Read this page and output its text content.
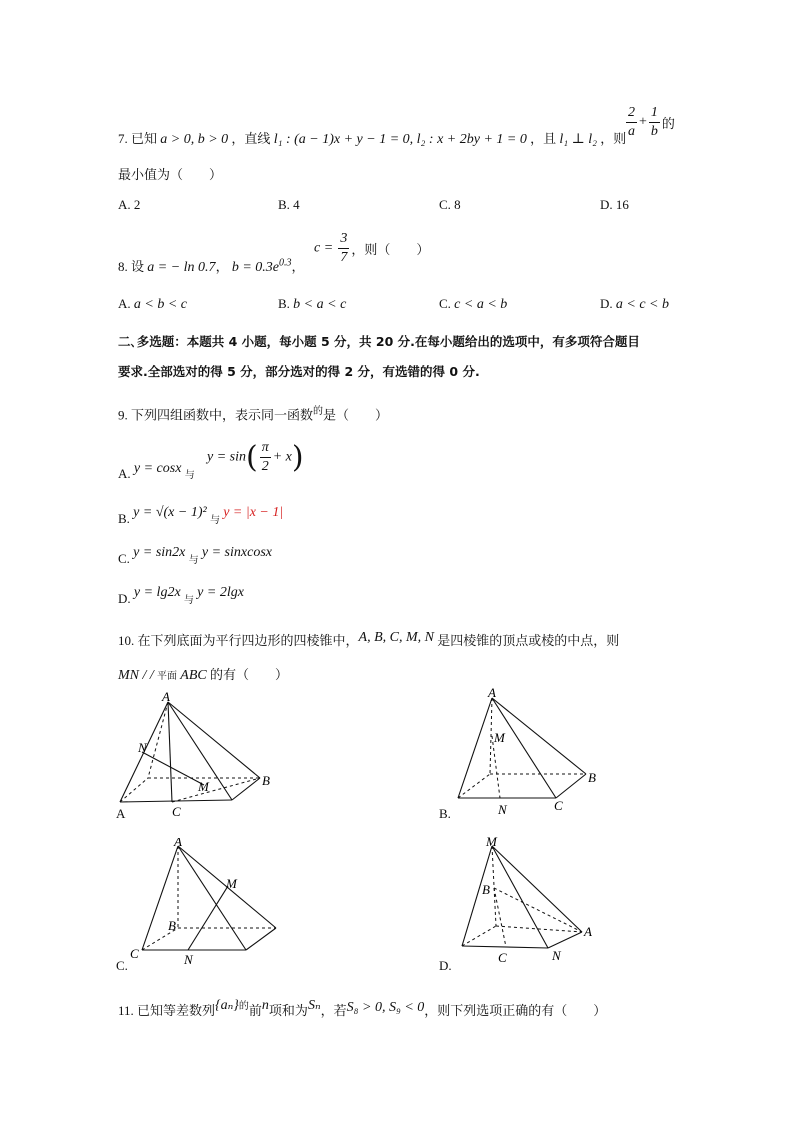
7. 已知 a > 0, b > 0 ，直线 l₁ : (a − 1)x + y − 1 = 0, l₂ : x + 2by + 1 = 0 ，且 l₁ ⊥ l₂ ，则 $\frac{2}{a} + \frac{1}{b}$ 的
最小值为（　　）
A. 2	B. 4	C. 8	D. 16
8. 设 a = − ln 0.7， $b = 0.3e^{0.3}$，
$c = \frac{3}{7}$ ，则（　　）
A. a < b < c	B. b < a < c	C. c < a < b	D. a < c < b
二､多选题：本题共 4 小题，每小题 5 分，共 20 分.在每小题给出的选项中，有多项符合题目
要求.全部选对的得 5 分，部分选对的得 2 分，有选错的得 0 分.
9. 下列四组函数中，表示同一函数$^的$是（　　）
A. y = cosx $_与$
$y = \sin( \frac{\pi}{2} + x)$
B. y = √(x − 1)² $_与$ y = |x − 1|
C. y = sin2x $_与$ y = sinxcosx
D. y = lg2x $_与$ y = 2lgx
10. 在下列底面为平行四边形的四棱锥中，A, B, C, M, N 是四棱锥的顶点或棱的中点，则
MN / / 平面 ABC 的有（　　）
A
N
M	B
C
A
A
M
B
N	C
B.
A
M
B
C	N
C.
M
B
A
C	N
D.
11. 已知等差数列$\{a_n\}^的$前n项和为Sₙ，若S₈ > 0, S₉ < 0，则下列选项正确的有（　　）
